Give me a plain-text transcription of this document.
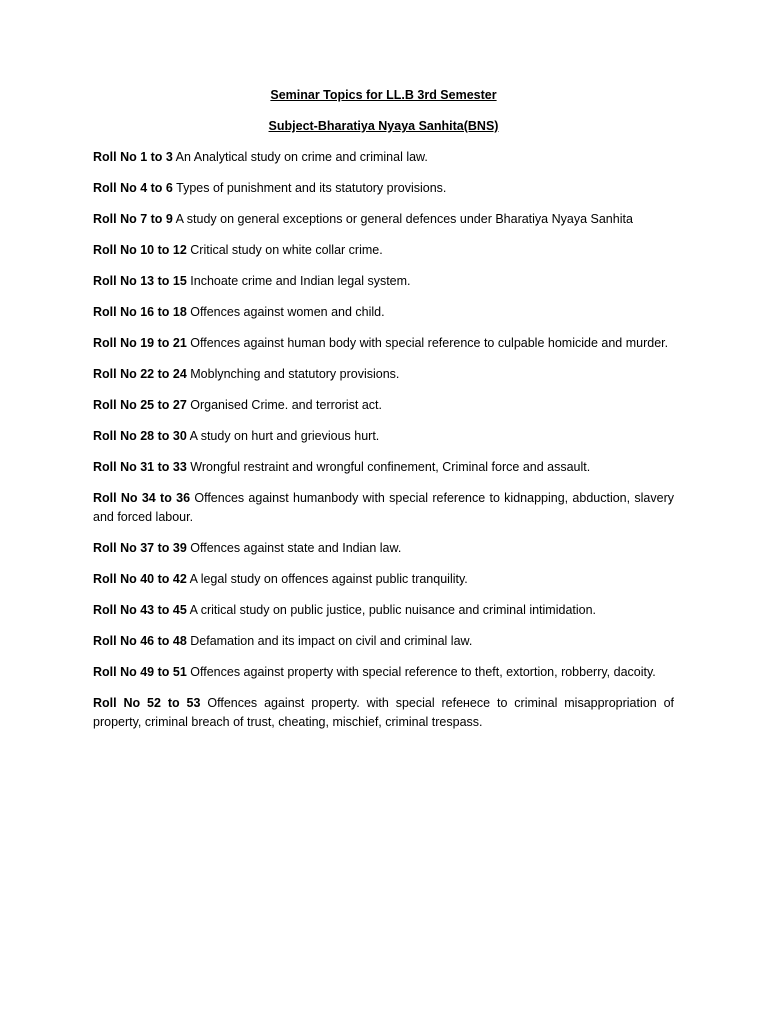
Seminar Topics for LL.B 3rd Semester

Subject-Bharatiya Nyaya Sanhita(BNS)

Roll No 1 to 3 An Analytical study on crime and criminal law.

Roll No 4 to 6 Types of punishment and its statutory provisions.

Roll No 7 to 9 A study on general exceptions or general defences under Bharatiya Nyaya Sanhita

Roll No 10 to 12 Critical study on white collar crime.

Roll No 13 to 15 Inchoate crime and Indian legal system.

Roll No 16 to 18 Offences against women and child.

Roll No 19 to 21 Offences against human body with special reference to culpable homicide and murder.

Roll No 22 to 24 Moblynching and statutory provisions.

Roll No 25 to 27 Organised Crime. and terrorist act.

Roll No 28 to 30 A study on hurt and grievious hurt.

Roll No 31 to 33 Wrongful restraint and wrongful confinement, Criminal force and assault.

Roll No 34 to 36 Offences against humanbody with special reference to kidnapping, abduction, slavery and forced labour.

Roll No 37 to 39 Offences against state and Indian law.

Roll No 40 to 42 A legal study on offences against public tranquility.

Roll No 43 to 45 A critical study on public justice, public nuisance and criminal intimidation.

Roll No 46 to 48 Defamation and its impact on civil and criminal law.

Roll No 49 to 51 Offences against property with special reference to theft, extortion, robberry, dacoity.

Roll No 52 to 53 Offences against property. with special refeнece to criminal misappropriation of property, criminal breach of trust, cheating, mischief, criminal trespass.
